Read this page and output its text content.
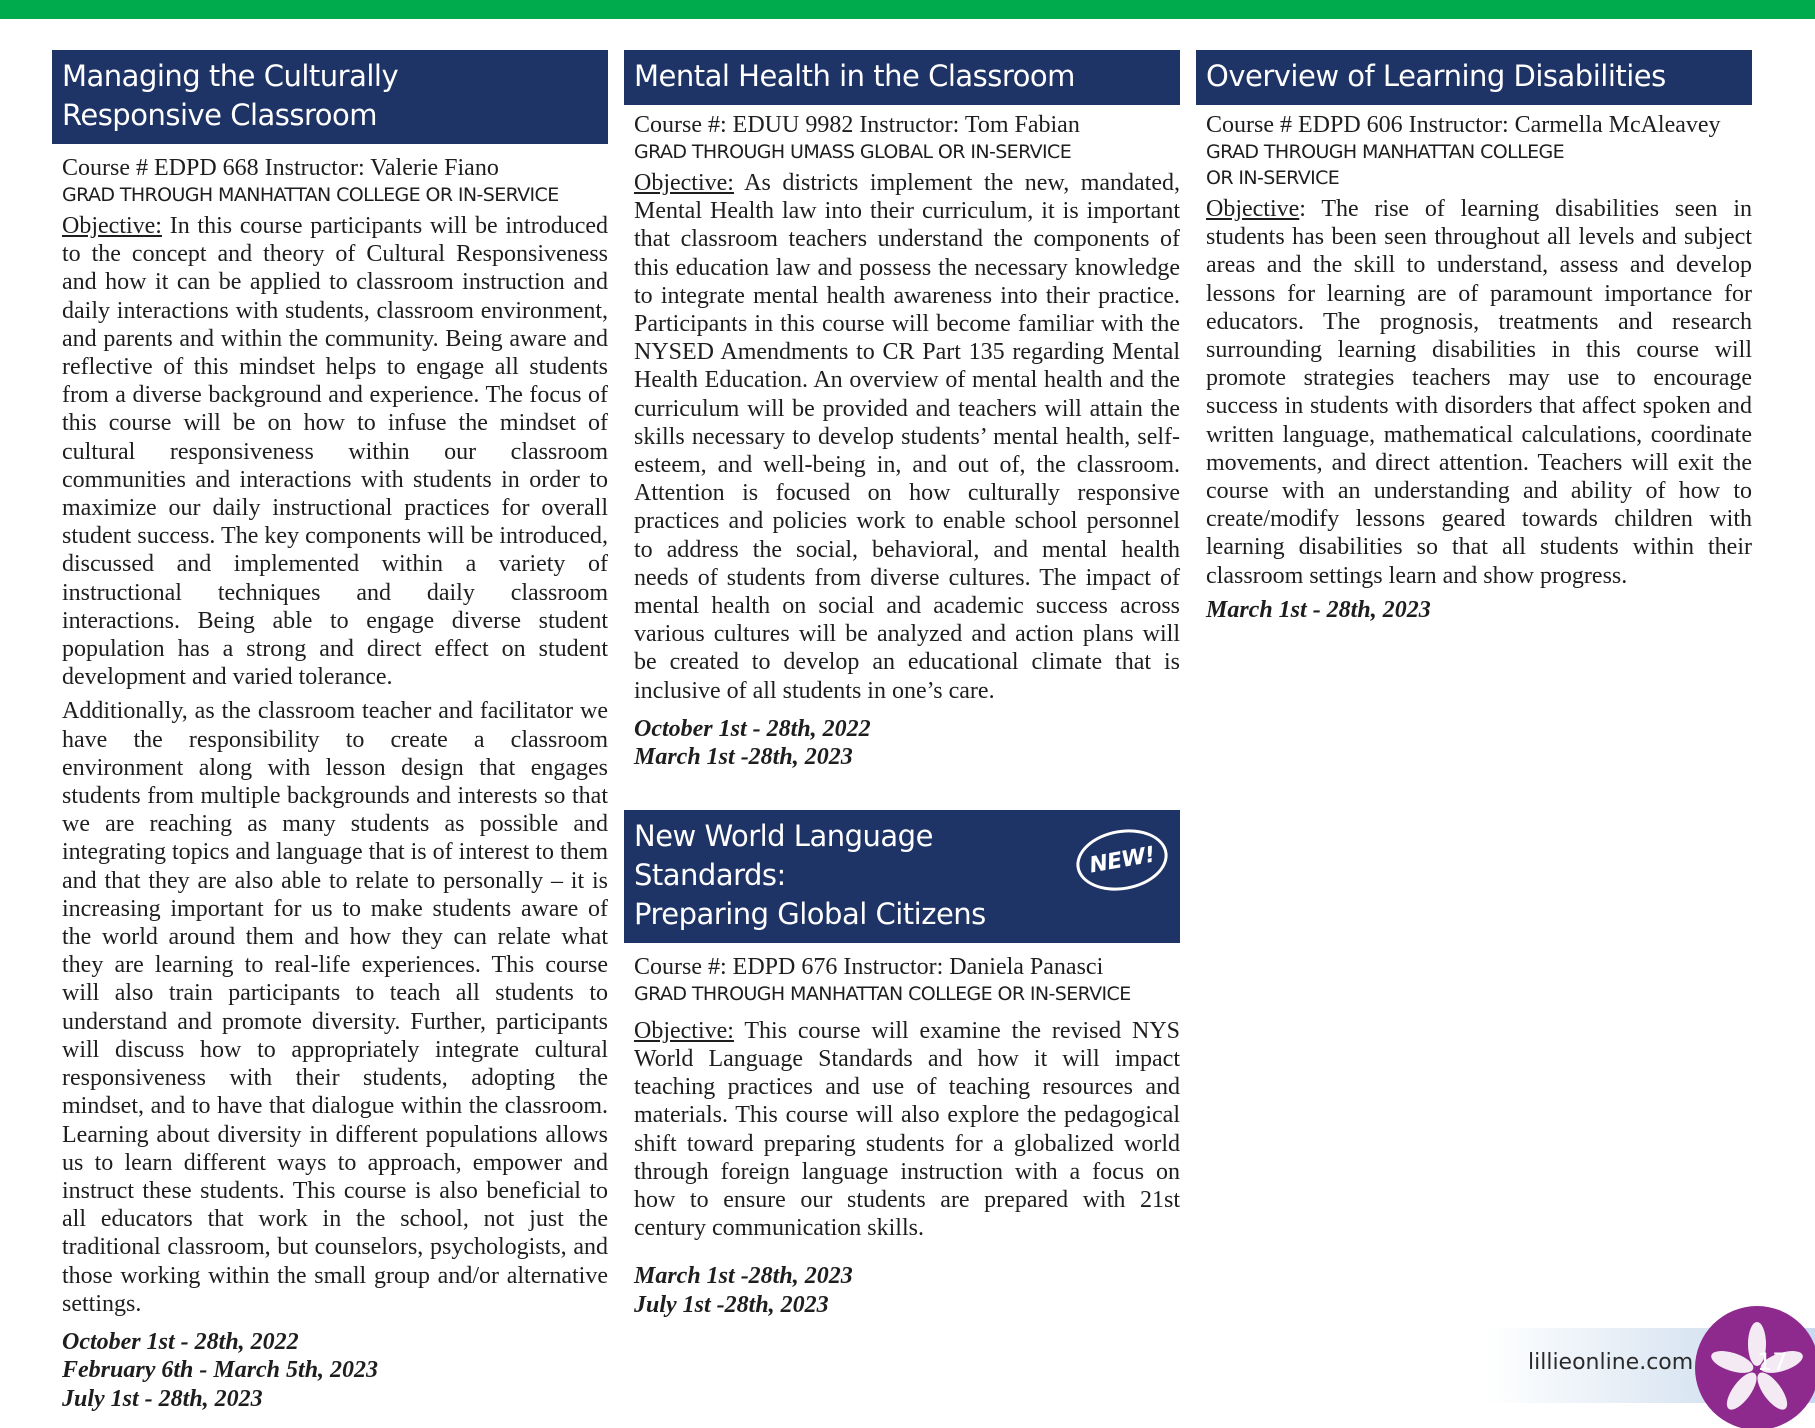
Managing the Culturally
Responsive Classroom
Course # EDPD 668 Instructor: Valerie Fiano
GRAD THROUGH MANHATTAN COLLEGE OR IN-SERVICE

Objective: In this course participants will be introduced to the concept and theory of Cultural Responsiveness and how it can be applied to classroom instruction and daily interactions with students, classroom environment, and parents and within the community. Being aware and reflective of this mindset helps to engage all students from a diverse background and experience. The focus of this course will be on how to infuse the mindset of cultural responsiveness within our classroom communities and interactions with students in order to maximize our daily instructional practices for overall student success. The key components will be introduced, discussed and implemented within a variety of instructional techniques and daily classroom interactions. Being able to engage diverse student population has a strong and direct effect on student development and varied tolerance.

Additionally, as the classroom teacher and facilitator we have the responsibility to create a classroom environment along with lesson design that engages students from multiple backgrounds and interests so that we are reaching as many students as possible and integrating topics and language that is of interest to them and that they are also able to relate to personally – it is increasing important for us to make students aware of the world around them and how they can relate what they are learning to real-life experiences. This course will also train participants to teach all students to understand and promote diversity. Further, participants will discuss how to appropriately integrate cultural responsiveness with their students, adopting the mindset, and to have that dialogue within the classroom. Learning about diversity in different populations allows us to learn different ways to approach, empower and instruct these students. This course is also beneficial to all educators that work in the school, not just the traditional classroom, but counselors, psychologists, and those working within the small group and/or alternative settings.

October 1st - 28th, 2022
February 6th - March 5th, 2023
July 1st - 28th, 2023
Mental Health in the Classroom
Course #: EDUU 9982 Instructor: Tom Fabian
GRAD THROUGH UMASS GLOBAL OR IN-SERVICE

Objective: As districts implement the new, mandated, Mental Health law into their curriculum, it is important that classroom teachers understand the components of this education law and possess the necessary knowledge to integrate mental health awareness into their practice. Participants in this course will become familiar with the NYSED Amendments to CR Part 135 regarding Mental Health Education. An overview of mental health and the curriculum will be provided and teachers will attain the skills necessary to develop students’ mental health, self-esteem, and well-being in, and out of, the classroom. Attention is focused on how culturally responsive practices and policies work to enable school personnel to address the social, behavioral, and mental health needs of students from diverse cultures. The impact of mental health on social and academic success across various cultures will be analyzed and action plans will be created to develop an educational climate that is inclusive of all students in one’s care.

October 1st - 28th, 2022
March 1st -28th, 2023
New World Language Standards:
Preparing Global Citizens
NEW!
Course #: EDPD 676 Instructor: Daniela Panasci
GRAD THROUGH MANHATTAN COLLEGE OR IN-SERVICE

Objective: This course will examine the revised NYS World Language Standards and how it will impact teaching practices and use of teaching resources and materials. This course will also explore the pedagogical shift toward preparing students for a globalized world through foreign language instruction with a focus on how to ensure our students are prepared with 21st century communication skills.

March 1st -28th, 2023
July 1st -28th, 2023
Overview of Learning Disabilities
Course # EDPD 606 Instructor: Carmella McAleavey
GRAD THROUGH MANHATTAN COLLEGE
OR IN-SERVICE

Objective: The rise of learning disabilities seen in students has been seen throughout all levels and subject areas and the skill to understand, assess and develop lessons for learning are of paramount importance for educators. The prognosis, treatments and research surrounding learning disabilities in this course will promote strategies teachers may use to encourage success in students with disorders that affect spoken and written language, mathematical calculations, coordinate movements, and direct attention. Teachers will exit the course with an understanding and ability of how to create/modify lessons geared towards children with learning disabilities so that all students within their classroom settings learn and show progress.

March 1st - 28th, 2023
lillieonline.com	17
